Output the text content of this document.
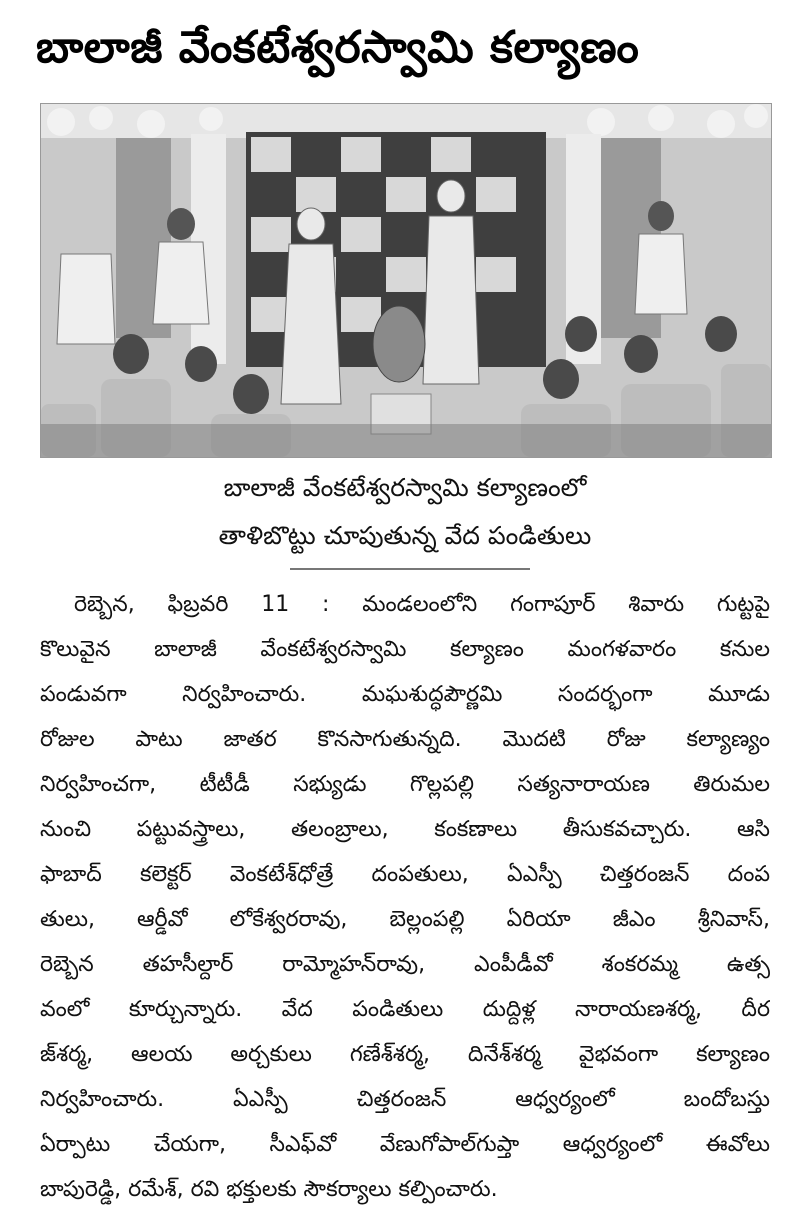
బాలాజీ వేంకటేశ్వరస్వామి కల్యాణం
బాలాజీ వేంకటేశ్వరస్వామి కల్యాణంలో
తాళిబొట్టు చూపుతున్న వేద పండితులు
రెబ్బెన, ఫిబ్రవరి 11 : మండలంలోని గంగాపూర్ శివారు గుట్టపై
కొలువైన బాలాజీ వేంకటేశ్వరస్వామి కల్యాణం మంగళవారం కనుల
పండువగా నిర్వహించారు. మఘశుద్ధపౌర్ణమి సందర్భంగా మూడు
రోజుల పాటు జాతర కొనసాగుతున్నది. మొదటి రోజు కల్యాణ్యం
నిర్వహించగా, టీటీడీ సభ్యుడు గొల్లపల్లి సత్యనారాయణ తిరుమల
నుంచి పట్టువస్త్రాలు, తలంబ్రాలు, కంకణాలు తీసుకవచ్చారు. ఆసి
ఫాబాద్ కలెక్టర్ వెంకటేశ్‌ధోత్రే దంపతులు, ఏఎస్పీ చిత్తరంజన్ దంప
తులు, ఆర్డీవో లోకేశ్వరరావు, బెల్లంపల్లి ఏరియా జీఎం శ్రీనివాస్,
రెబ్బెన తహసీల్దార్ రామ్మోహన్‌రావు, ఎంపీడీవో శంకరమ్మ ఉత్స
వంలో కూర్చున్నారు. వేద పండితులు దుద్దిళ్ల నారాయణశర్మ, దీర
జ్‌శర్మ, ఆలయ అర్చకులు గణేశ్‌శర్మ, దినేశ్‌శర్మ వైభవంగా కల్యాణం
నిర్వహించారు. ఏఎస్పీ చిత్తరంజన్ ఆధ్వర్యంలో బందోబస్తు
ఏర్పాటు చేయగా, సీఎఫ్‌వో వేణుగోపాల్‌గుప్తా ఆధ్వర్యంలో ఈవోలు
బాపురెడ్డి, రమేశ్, రవి భక్తులకు సౌకర్యాలు కల్పించారు.
